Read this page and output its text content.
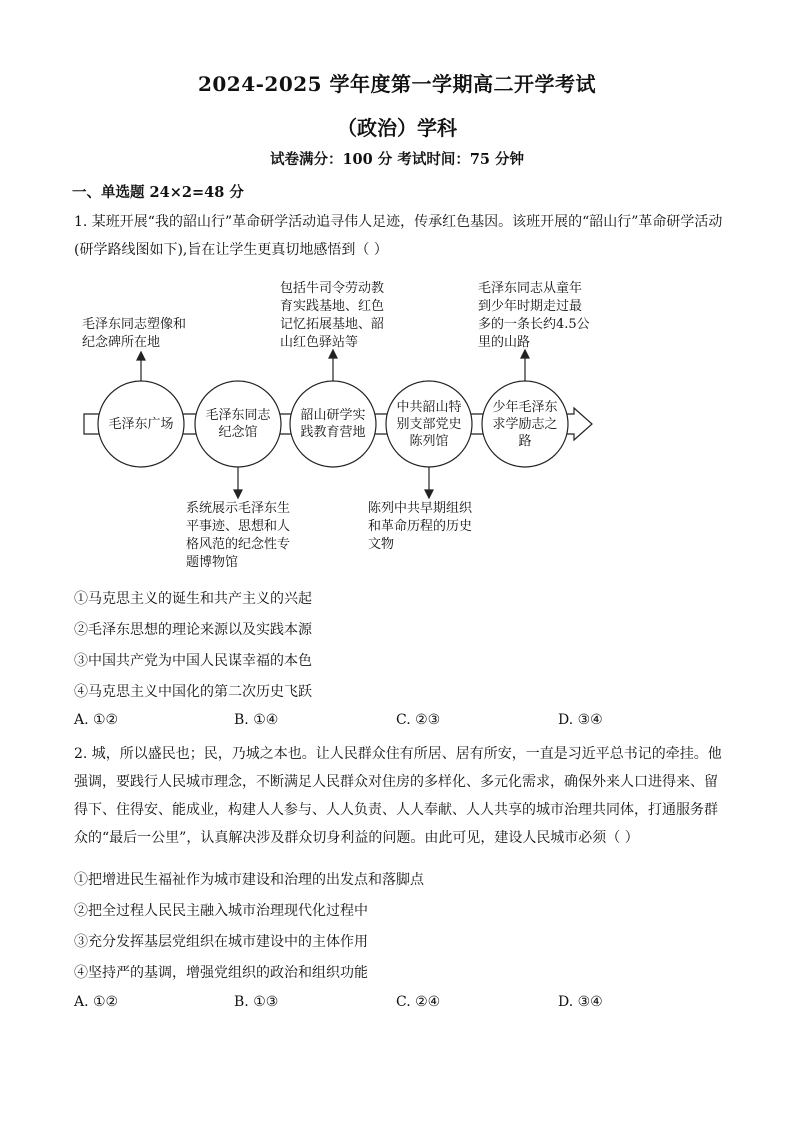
2024-2025 学年度第一学期高二开学考试
（政治）学科
试卷满分：100 分 考试时间：75 分钟
一、单选题 24×2=48 分
1. 某班开展“我的韶山行”革命研学活动追寻伟人足迹，传承红色基因。该班开展的“韶山行”革命研学活动(研学路线图如下),旨在让学生更真切地感悟到（ ）
毛泽东广场
毛泽东同志
纪念馆
韶山研学实
践教育营地
中共韶山特
别支部党史
陈列馆
少年毛泽东
求学励志之
路
毛泽东同志塑像和
纪念碑所在地
系统展示毛泽东生
平事迹、思想和人
格风范的纪念性专
题博物馆
包括牛司令劳动教
育实践基地、红色
记忆拓展基地、韶
山红色驿站等
陈列中共早期组织
和革命历程的历史
文物
毛泽东同志从童年
到少年时期走过最
多的一条长约4.5公
里的山路
①马克思主义的诞生和共产主义的兴起
②毛泽东思想的理论来源以及实践本源
③中国共产党为中国人民谋幸福的本色
④马克思主义中国化的第二次历史飞跃
A. ①②	B. ①④	C. ②③	D. ③④
2. 城，所以盛民也；民，乃城之本也。让人民群众住有所居、居有所安，一直是习近平总书记的牵挂。他强调，要践行人民城市理念，不断满足人民群众对住房的多样化、多元化需求，确保外来人口进得来、留得下、住得安、能成业，构建人人参与、人人负责、人人奉献、人人共享的城市治理共同体，打通服务群众的“最后一公里”，认真解决涉及群众切身利益的问题。由此可见，建设人民城市必须（ ）
①把增进民生福祉作为城市建设和治理的出发点和落脚点
②把全过程人民民主融入城市治理现代化过程中
③充分发挥基层党组织在城市建设中的主体作用
④坚持严的基调，增强党组织的政治和组织功能
A. ①②	B. ①③	C. ②④	D. ③④
